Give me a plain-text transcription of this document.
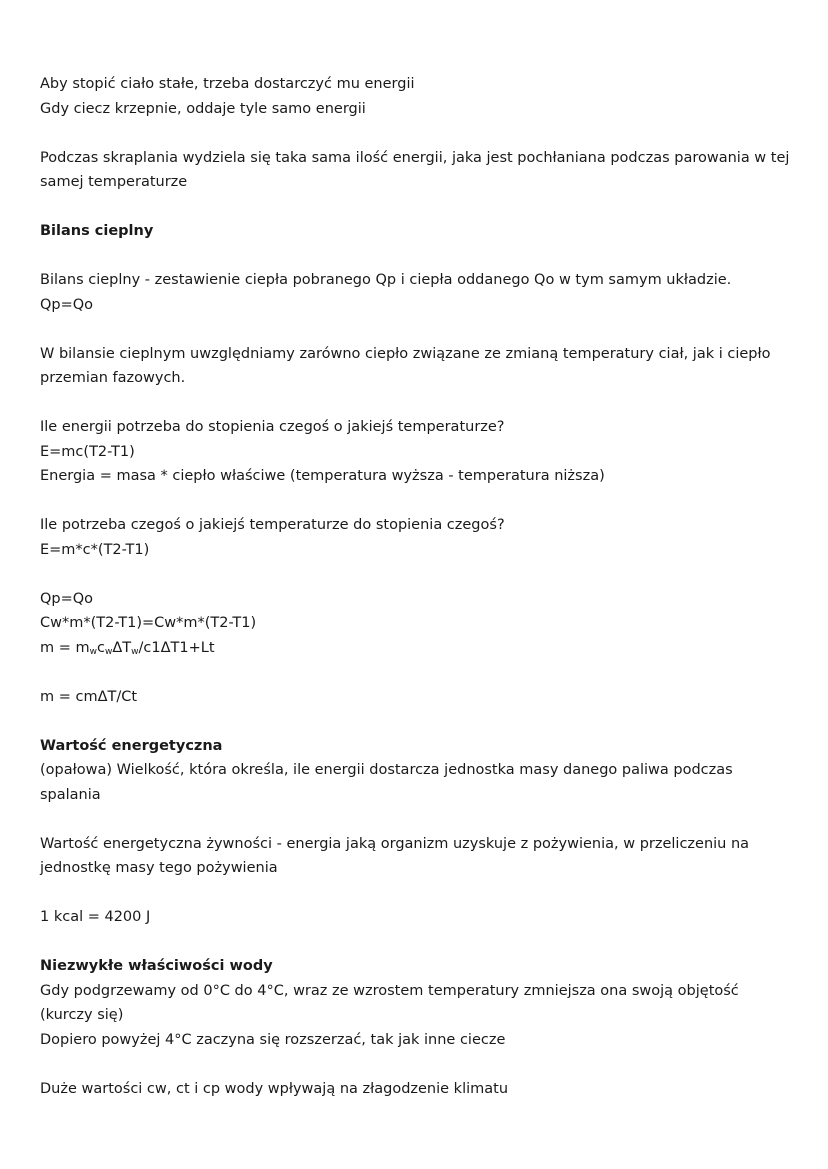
Aby stopić ciało stałe, trzeba dostarczyć mu energii
Gdy ciecz krzepnie, oddaje tyle samo energii
Podczas skraplania wydziela się taka sama ilość energii, jaka jest pochłaniana podczas parowania w tej samej temperaturze
Bilans cieplny
Bilans cieplny - zestawienie ciepła pobranego Qp i ciepła oddanego Qo w tym samym układzie.
Qp=Qo
W bilansie cieplnym uwzględniamy zarówno ciepło związane ze zmianą temperatury ciał, jak i ciepło przemian fazowych.
Ile energii potrzeba do stopienia czegoś o jakiejś temperaturze?
E=mc(T2-T1)
Energia = masa * ciepło właściwe (temperatura wyższa - temperatura niższa)
Ile potrzeba czegoś o jakiejś temperaturze do stopienia czegoś?
E=m*c*(T2-T1)
Qp=Qo
Cw*m*(T2-T1)=Cw*m*(T2-T1)
$m = m_wc_w\Delta T_w/c1\Delta T1+Lt$
m = cmΔT/Ct
Wartość energetyczna
(opałowa) Wielkość, która określa, ile energii dostarcza jednostka masy danego paliwa podczas spalania
Wartość energetyczna żywności - energia jaką organizm uzyskuje z pożywienia, w przeliczeniu na jednostkę masy tego pożywienia
1 kcal = 4200 J
Niezwykłe właściwości wody
Gdy podgrzewamy od 0°C do 4°C, wraz ze wzrostem temperatury zmniejsza ona swoją objętość (kurczy się)
Dopiero powyżej 4°C zaczyna się rozszerzać, tak jak inne ciecze
Duże wartości cw, ct i cp wody wpływają na złagodzenie klimatu
